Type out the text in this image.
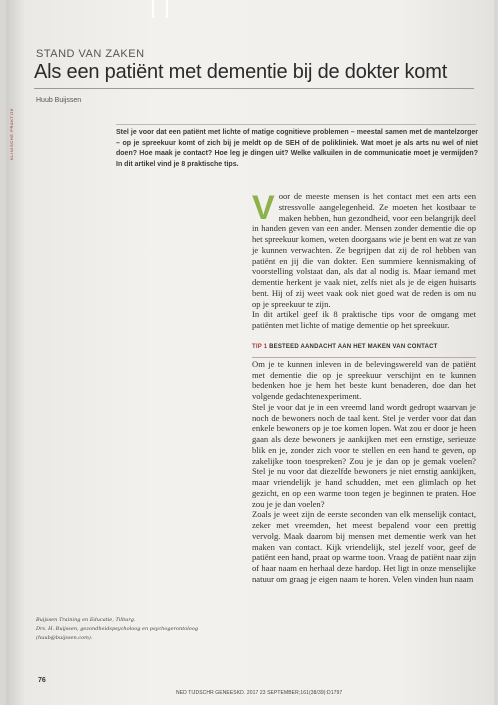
KLINISCHE PRAKTIJK
STAND VAN ZAKEN
Als een patiënt met dementie bij de dokter komt
Huub Buijssen
Stel je voor dat een patiënt met lichte of matige cognitieve problemen – meestal samen met de mantelzorger – op je spreekuur komt of zich bij je meldt op de SEH of de polikliniek. Wat moet je als arts nu wel of niet doen? Hoe maak je contact? Hoe leg je dingen uit? Welke valkuilen in de communicatie moet je vermijden? In dit artikel vind je 8 praktische tips.

Voor de meeste mensen is het contact met een arts een stressvolle aangelegenheid. Ze moeten het kostbaar te maken hebben, hun gezondheid, voor een belangrijk deel in handen geven van een ander. Mensen zonder dementie die op het spreekuur komen, weten doorgaans wie je bent en wat ze van je kunnen verwachten. Ze begrijpen dat zij de rol hebben van patiënt en jij die van dokter. Een summiere kennismaking of voorstelling volstaat dan, als dat al nodig is. Maar iemand met dementie herkent je vaak niet, zelfs niet als je de eigen huisarts bent. Hij of zij weet vaak ook niet goed wat de reden is om nu op je spreekuur te zijn.

In dit artikel geef ik 8 praktische tips voor de omgang met patiënten met lichte of matige dementie op het spreekuur.

TIP 1 BESTEED AANDACHT AAN HET MAKEN VAN CONTACT

Om je te kunnen inleven in de belevingswereld van de patiënt met dementie die op je spreekuur verschijnt en te kunnen bedenken hoe je hem het beste kunt benaderen, doe dan het volgende gedachtenexperiment.

Stel je voor dat je in een vreemd land wordt gedropt waarvan je noch de bewoners noch de taal kent. Stel je verder voor dat dan enkele bewoners op je toe komen lopen. Wat zou er door je heen gaan als deze bewoners je aankijken met een ernstige, serieuze blik en je, zonder zich voor te stellen en een hand te geven, op zakelijke toon toespreken? Zou je je dan op je gemak voelen? Stel je nu voor dat diezelfde bewoners je niet ernstig aankijken, maar vriendelijk je hand schudden, met een glimlach op het gezicht, en op een warme toon tegen je beginnen te praten. Hoe zou je je dan voelen?

Zoals je weet zijn de eerste seconden van elk menselijk contact, zeker met vreemden, het meest bepalend voor een prettig vervolg. Maak daarom bij mensen met dementie werk van het maken van contact. Kijk vriendelijk, stel jezelf voor, geef de patiënt een hand, praat op warme toon. Vraag de patiënt naar zijn of haar naam en herhaal deze hardop. Het ligt in onze menselijke natuur om graag je eigen naam te horen. Velen vinden hun naam

Buijssen Training en Educatie, Tilburg.
Drs. H. Buijssen, gezondheidspsycholoog en psychogerontoloog
(huub@buijssen.com).
76
NED TIJDSCHR GENEESKD. 2017 23 SEPTEMBER;161(38/39):D1797
